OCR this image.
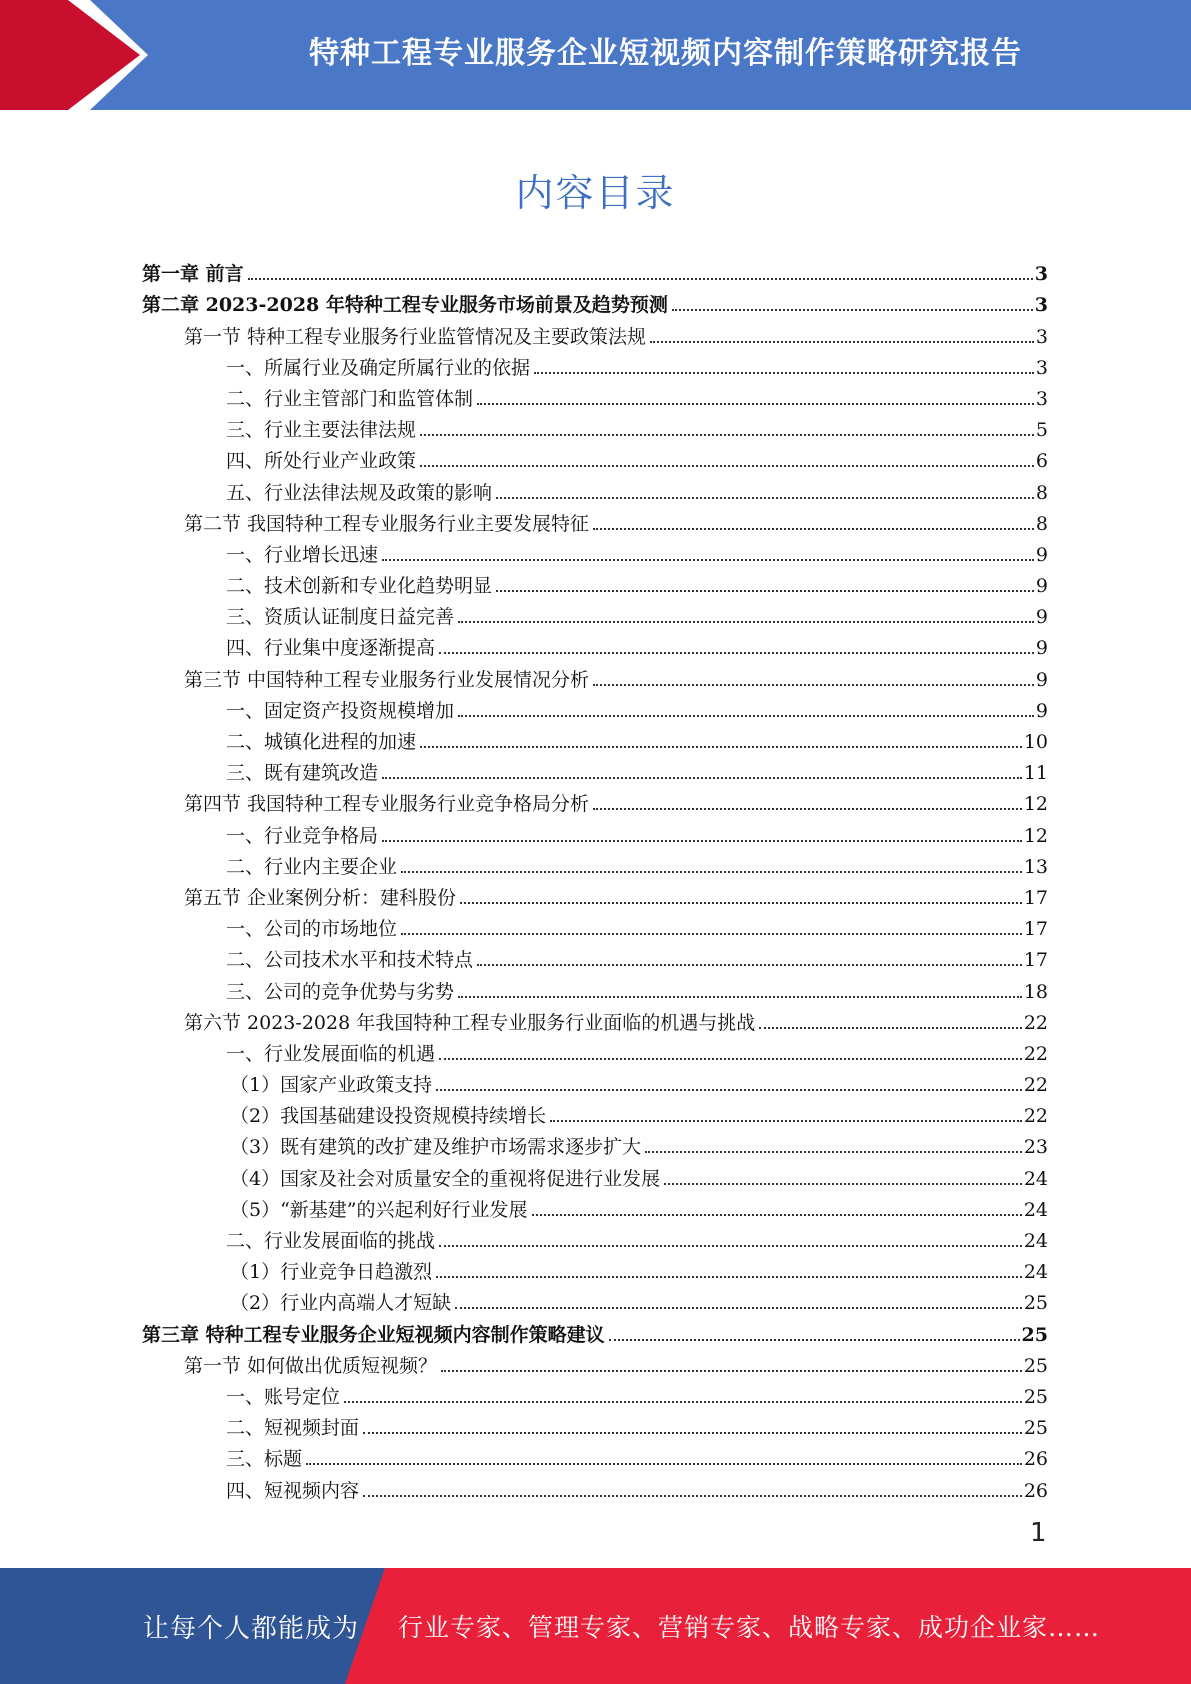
特种工程专业服务企业短视频内容制作策略研究报告
内容目录
第一章 前言	3
第二章 2023-2028 年特种工程专业服务市场前景及趋势预测	3
第一节 特种工程专业服务行业监管情况及主要政策法规	3
一、所属行业及确定所属行业的依据	3
二、行业主管部门和监管体制	3
三、行业主要法律法规	5
四、所处行业产业政策	6
五、行业法律法规及政策的影响	8
第二节 我国特种工程专业服务行业主要发展特征	8
一、行业增长迅速	9
二、技术创新和专业化趋势明显	9
三、资质认证制度日益完善	9
四、行业集中度逐渐提高	9
第三节 中国特种工程专业服务行业发展情况分析	9
一、固定资产投资规模增加	9
二、城镇化进程的加速	10
三、既有建筑改造	11
第四节 我国特种工程专业服务行业竞争格局分析	12
一、行业竞争格局	12
二、行业内主要企业	13
第五节 企业案例分析：建科股份	17
一、公司的市场地位	17
二、公司技术水平和技术特点	17
三、公司的竞争优势与劣势	18
第六节 2023-2028 年我国特种工程专业服务行业面临的机遇与挑战	22
一、行业发展面临的机遇	22
（1）国家产业政策支持	22
（2）我国基础建设投资规模持续增长	22
（3）既有建筑的改扩建及维护市场需求逐步扩大	23
（4）国家及社会对质量安全的重视将促进行业发展	24
（5）“新基建”的兴起利好行业发展	24
二、行业发展面临的挑战	24
（1）行业竞争日趋激烈	24
（2）行业内高端人才短缺	25
第三章 特种工程专业服务企业短视频内容制作策略建议	25
第一节 如何做出优质短视频？	25
一、账号定位	25
二、短视频封面	25
三、标题	26
四、短视频内容	26
1
让每个人都能成为 行业专家、管理专家、营销专家、战略专家、成功企业家……
